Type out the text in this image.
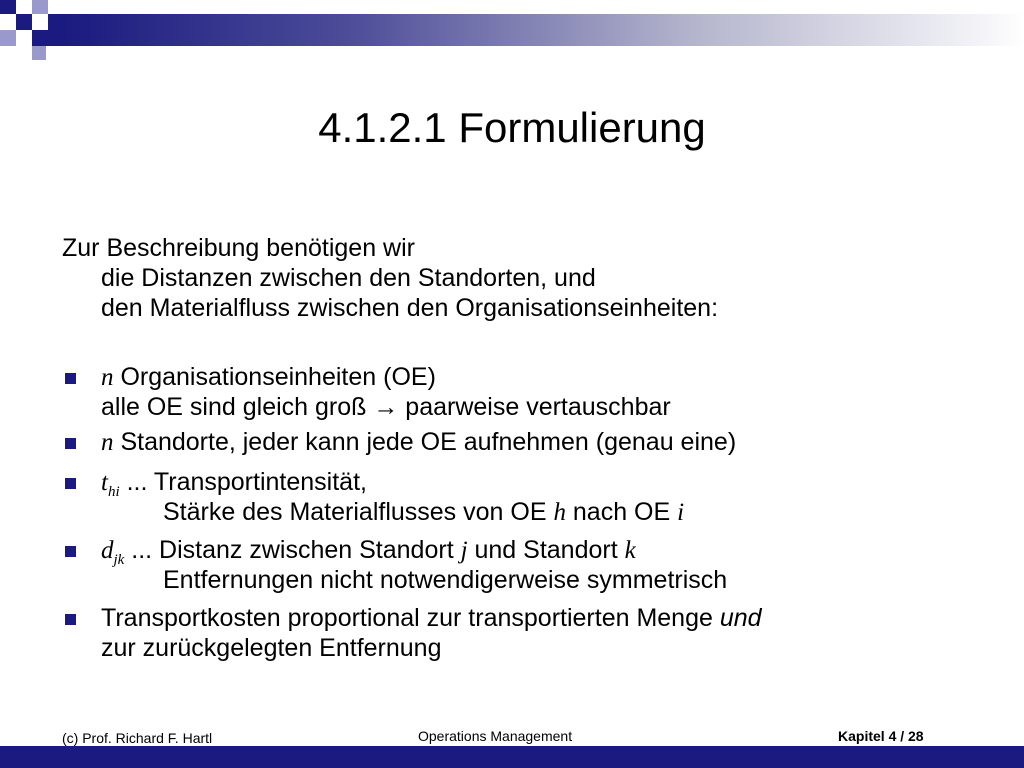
4.1.2.1 Formulierung
Zur Beschreibung benötigen wir
die Distanzen zwischen den Standorten, und
den Materialfluss zwischen den Organisationseinheiten:
n Organisationseinheiten (OE)
alle OE sind gleich groß → paarweise vertauschbar
n Standorte, jeder kann jede OE aufnehmen (genau eine)
$t_{hi}$ ... Transportintensität,
Stärke des Materialflusses von OE h nach OE i
$d_{jk}$ ... Distanz zwischen Standort j und Standort k
Entfernungen nicht notwendigerweise symmetrisch
Transportkosten proportional zur transportierten Menge und
zur zurückgelegten Entfernung
(c) Prof. Richard F. Hartl	Operations Management	Kapitel 4 / 28
